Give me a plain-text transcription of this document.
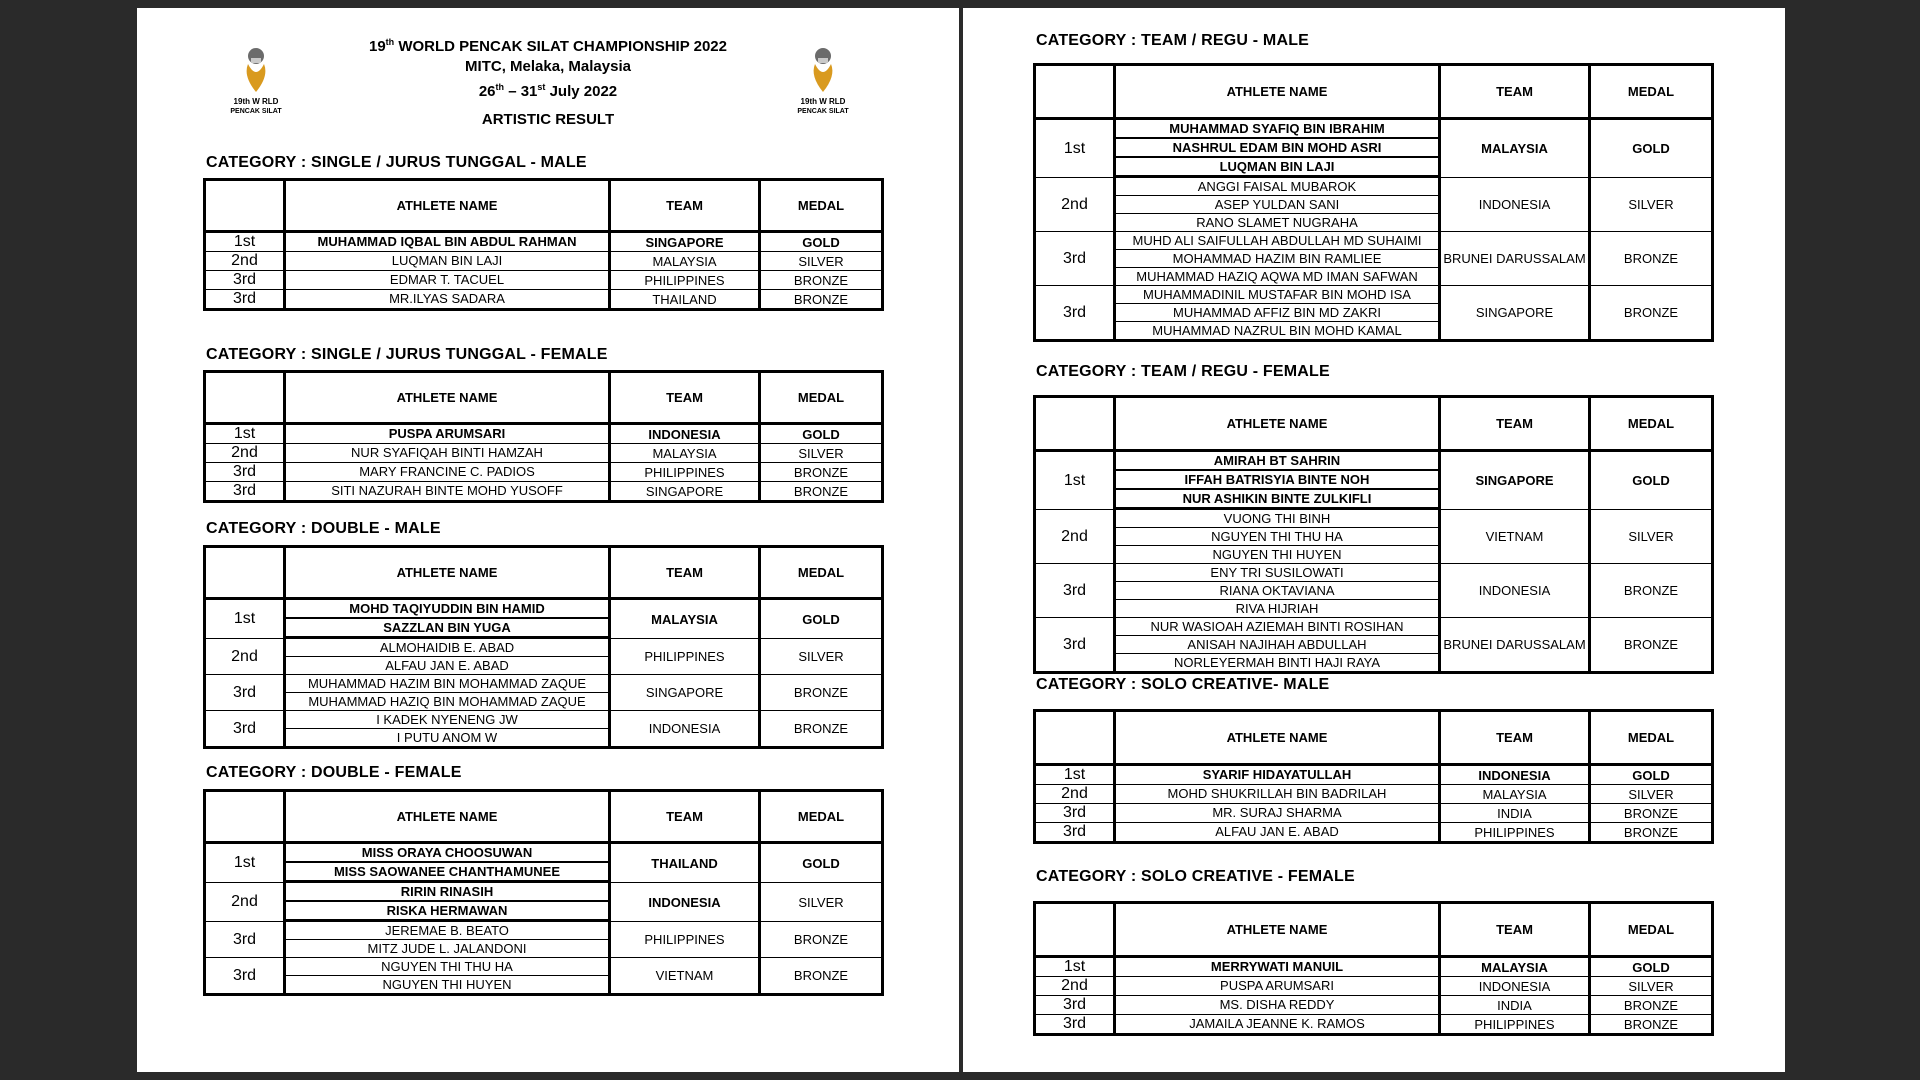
19th W RLD
PENCAK SILAT
19th W RLD
PENCAK SILAT
19th WORLD PENCAK SILAT CHAMPIONSHIP 2022
MITC, Melaka, Malaysia
26th – 31st July 2022
ARTISTIC RESULT
CATEGORY : SINGLE / JURUS TUNGGAL - MALE
	ATHLETE NAME	TEAM	MEDAL
1st	MUHAMMAD IQBAL BIN ABDUL RAHMAN	SINGAPORE	GOLD
2nd	LUQMAN BIN LAJI	MALAYSIA	SILVER
3rd	EDMAR T. TACUEL	PHILIPPINES	BRONZE
3rd	MR.ILYAS SADARA	THAILAND	BRONZE
CATEGORY : SINGLE / JURUS TUNGGAL - FEMALE
	ATHLETE NAME	TEAM	MEDAL
1st	PUSPA ARUMSARI	INDONESIA	GOLD
2nd	NUR SYAFIQAH BINTI HAMZAH	MALAYSIA	SILVER
3rd	MARY FRANCINE C. PADIOS	PHILIPPINES	BRONZE
3rd	SITI NAZURAH BINTE MOHD YUSOFF	SINGAPORE	BRONZE
CATEGORY : DOUBLE - MALE
	ATHLETE NAME	TEAM	MEDAL
1st	MOHD TAQIYUDDIN BIN HAMID
SAZZLAN BIN YUGA	MALAYSIA	GOLD
2nd	ALMOHAIDIB E. ABAD
ALFAU JAN E. ABAD	PHILIPPINES	SILVER
3rd	MUHAMMAD HAZIM BIN MOHAMMAD ZAQUE
MUHAMMAD HAZIQ BIN MOHAMMAD ZAQUE	SINGAPORE	BRONZE
3rd	I KADEK NYENENG JW
I PUTU ANOM W	INDONESIA	BRONZE
CATEGORY : DOUBLE - FEMALE
	ATHLETE NAME	TEAM	MEDAL
1st	MISS ORAYA CHOOSUWAN
MISS SAOWANEE CHANTHAMUNEE	THAILAND	GOLD
2nd	RIRIN RINASIH
RISKA HERMAWAN	INDONESIA	SILVER
3rd	JEREMAE B. BEATO
MITZ JUDE L. JALANDONI	PHILIPPINES	BRONZE
3rd	NGUYEN THI THU HA
NGUYEN THI HUYEN	VIETNAM	BRONZE
CATEGORY : TEAM / REGU - MALE
	ATHLETE NAME	TEAM	MEDAL
1st	MUHAMMAD SYAFIQ BIN IBRAHIM
NASHRUL EDAM BIN MOHD ASRI
LUQMAN BIN LAJI	MALAYSIA	GOLD
2nd	ANGGI FAISAL MUBAROK
ASEP YULDAN SANI
RANO SLAMET NUGRAHA	INDONESIA	SILVER
3rd	MUHD ALI SAIFULLAH ABDULLAH MD SUHAIMI
MOHAMMAD HAZIM BIN RAMLIEE
MUHAMMAD HAZIQ AQWA MD IMAN SAFWAN	BRUNEI DARUSSALAM	BRONZE
3rd	MUHAMMADINIL MUSTAFAR BIN MOHD ISA
MUHAMMAD AFFIZ BIN MD ZAKRI
MUHAMMAD NAZRUL BIN MOHD KAMAL	SINGAPORE	BRONZE
CATEGORY : TEAM / REGU - FEMALE
	ATHLETE NAME	TEAM	MEDAL
1st	AMIRAH BT SAHRIN
IFFAH BATRISYIA BINTE NOH
NUR ASHIKIN BINTE ZULKIFLI	SINGAPORE	GOLD
2nd	VUONG THI BINH
NGUYEN THI THU HA
NGUYEN THI HUYEN	VIETNAM	SILVER
3rd	ENY TRI SUSILOWATI
RIANA OKTAVIANA
RIVA HIJRIAH	INDONESIA	BRONZE
3rd	NUR WASIOAH AZIEMAH BINTI ROSIHAN
ANISAH NAJIHAH ABDULLAH
NORLEYERMAH BINTI HAJI RAYA	BRUNEI DARUSSALAM	BRONZE
CATEGORY : SOLO CREATIVE- MALE
	ATHLETE NAME	TEAM	MEDAL
1st	SYARIF HIDAYATULLAH	INDONESIA	GOLD
2nd	MOHD SHUKRILLAH BIN BADRILAH	MALAYSIA	SILVER
3rd	MR. SURAJ SHARMA	INDIA	BRONZE
3rd	ALFAU JAN E. ABAD	PHILIPPINES	BRONZE
CATEGORY : SOLO CREATIVE - FEMALE
	ATHLETE NAME	TEAM	MEDAL
1st	MERRYWATI MANUIL	MALAYSIA	GOLD
2nd	PUSPA ARUMSARI	INDONESIA	SILVER
3rd	MS. DISHA REDDY	INDIA	BRONZE
3rd	JAMAILA JEANNE K. RAMOS	PHILIPPINES	BRONZE
